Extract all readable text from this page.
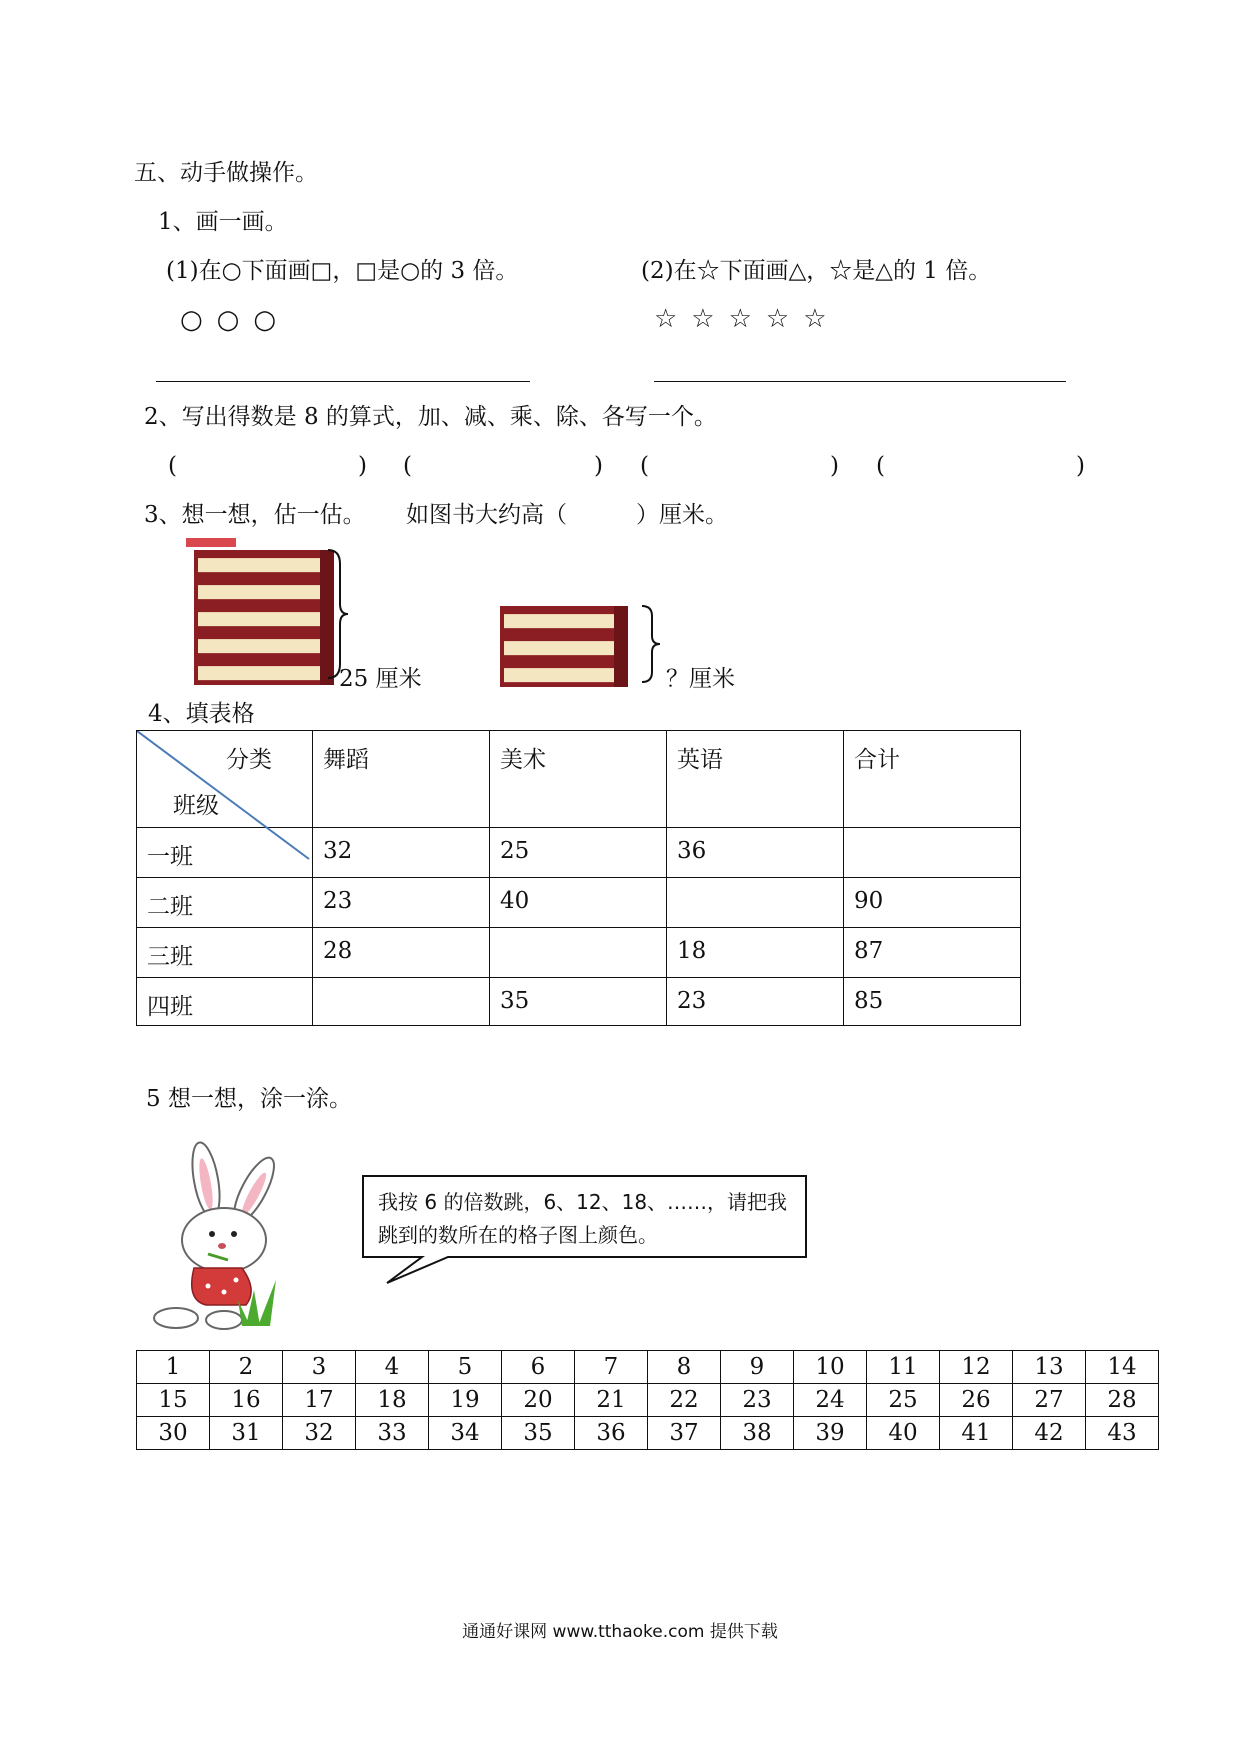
五、动手做操作。
1、画一画。
(1)在○下面画□，□是○的 3 倍。
○○○
(2)在☆下面画△，☆是△的 1 倍。
☆☆☆☆☆
2、写出得数是 8 的算式，加、减、乘、除、各写一个。
(	) (	) (	) (	)
3、想一想，估一估。 如图书大约高（　　　）厘米。
25 厘米	？厘米
4、填表格
分类
班级	舞蹈	美术	英语	合计
一班	32	25	36	
二班	23	40		90
三班	28		18	87
四班		35	23	85
5 想一想，涂一涂。
我按 6 的倍数跳，6、12、18、……，请把我跳到的数所在的格子图上颜色。
1	2	3	4	5	6	7	8	9	10	11	12	13	14
15	16	17	18	19	20	21	22	23	24	25	26	27	28
30	31	32	33	34	35	36	37	38	39	40	41	42	43
通通好课网 www.tthaoke.com 提供下载
